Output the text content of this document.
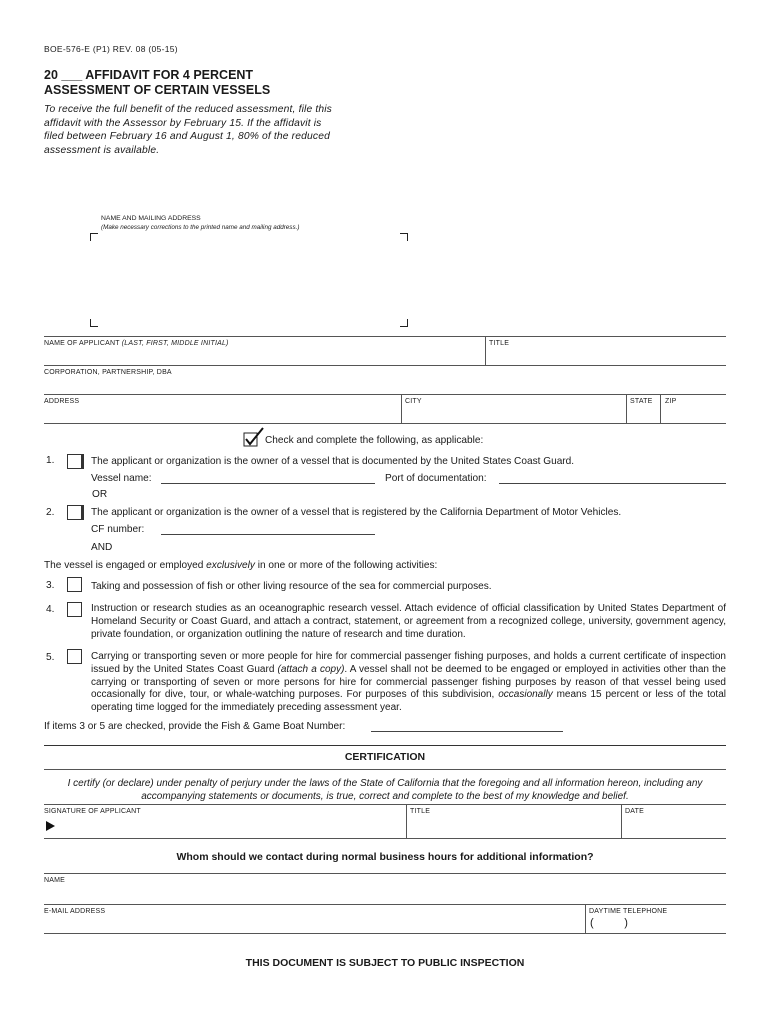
BOE-576-E (P1) REV. 08 (05-15)
20 ___ AFFIDAVIT FOR 4 PERCENT
ASSESSMENT OF CERTAIN VESSELS
To receive the full benefit of the reduced assessment, file this affidavit with the Assessor by February 15. If the affidavit is filed between February 16 and August 1, 80% of the reduced assessment is available.
NAME AND MAILING ADDRESS
(Make necessary corrections to the printed name and mailing address.)
NAME OF APPLICANT (LAST, FIRST, MIDDLE INITIAL)	TITLE
CORPORATION, PARTNERSHIP, DBA
ADDRESS	CITY	STATE ZIP
Check and complete the following, as applicable:
1.	The applicant or organization is the owner of a vessel that is documented by the United States Coast Guard.
Vessel name:	Port of documentation:
OR
2.	The applicant or organization is the owner of a vessel that is registered by the California Department of Motor Vehicles.
CF number:
AND
The vessel is engaged or employed exclusively in one or more of the following activities:
3.	Taking and possession of fish or other living resource of the sea for commercial purposes.
4.	Instruction or research studies as an oceanographic research vessel. Attach evidence of official classification by United States Department of Homeland Security or Coast Guard, and attach a contract, statement, or agreement from a recognized college, university, government agency, private foundation, or organization outlining the nature of research and time duration.
5.	Carrying or transporting seven or more people for hire for commercial passenger fishing purposes, and holds a current certificate of inspection issued by the United States Coast Guard (attach a copy). A vessel shall not be deemed to be engaged or employed in activities other than the carrying or transporting of seven or more persons for hire for commercial passenger fishing purposes by reason of that vessel being used occasionally for dive, tour, or whale-watching purposes. For purposes of this subdivision, occasionally means 15 percent or less of the total operating time logged for the immediately preceding assessment year.
If items 3 or 5 are checked, provide the Fish & Game Boat Number:
CERTIFICATION
I certify (or declare) under penalty of perjury under the laws of the State of California that the foregoing and all information hereon, including any accompanying statements or documents, is true, correct and complete to the best of my knowledge and belief.
SIGNATURE OF APPLICANT	TITLE	DATE
Whom should we contact during normal business hours for additional information?
NAME
E-MAIL ADDRESS	DAYTIME TELEPHONE
(          )
THIS DOCUMENT IS SUBJECT TO PUBLIC INSPECTION
